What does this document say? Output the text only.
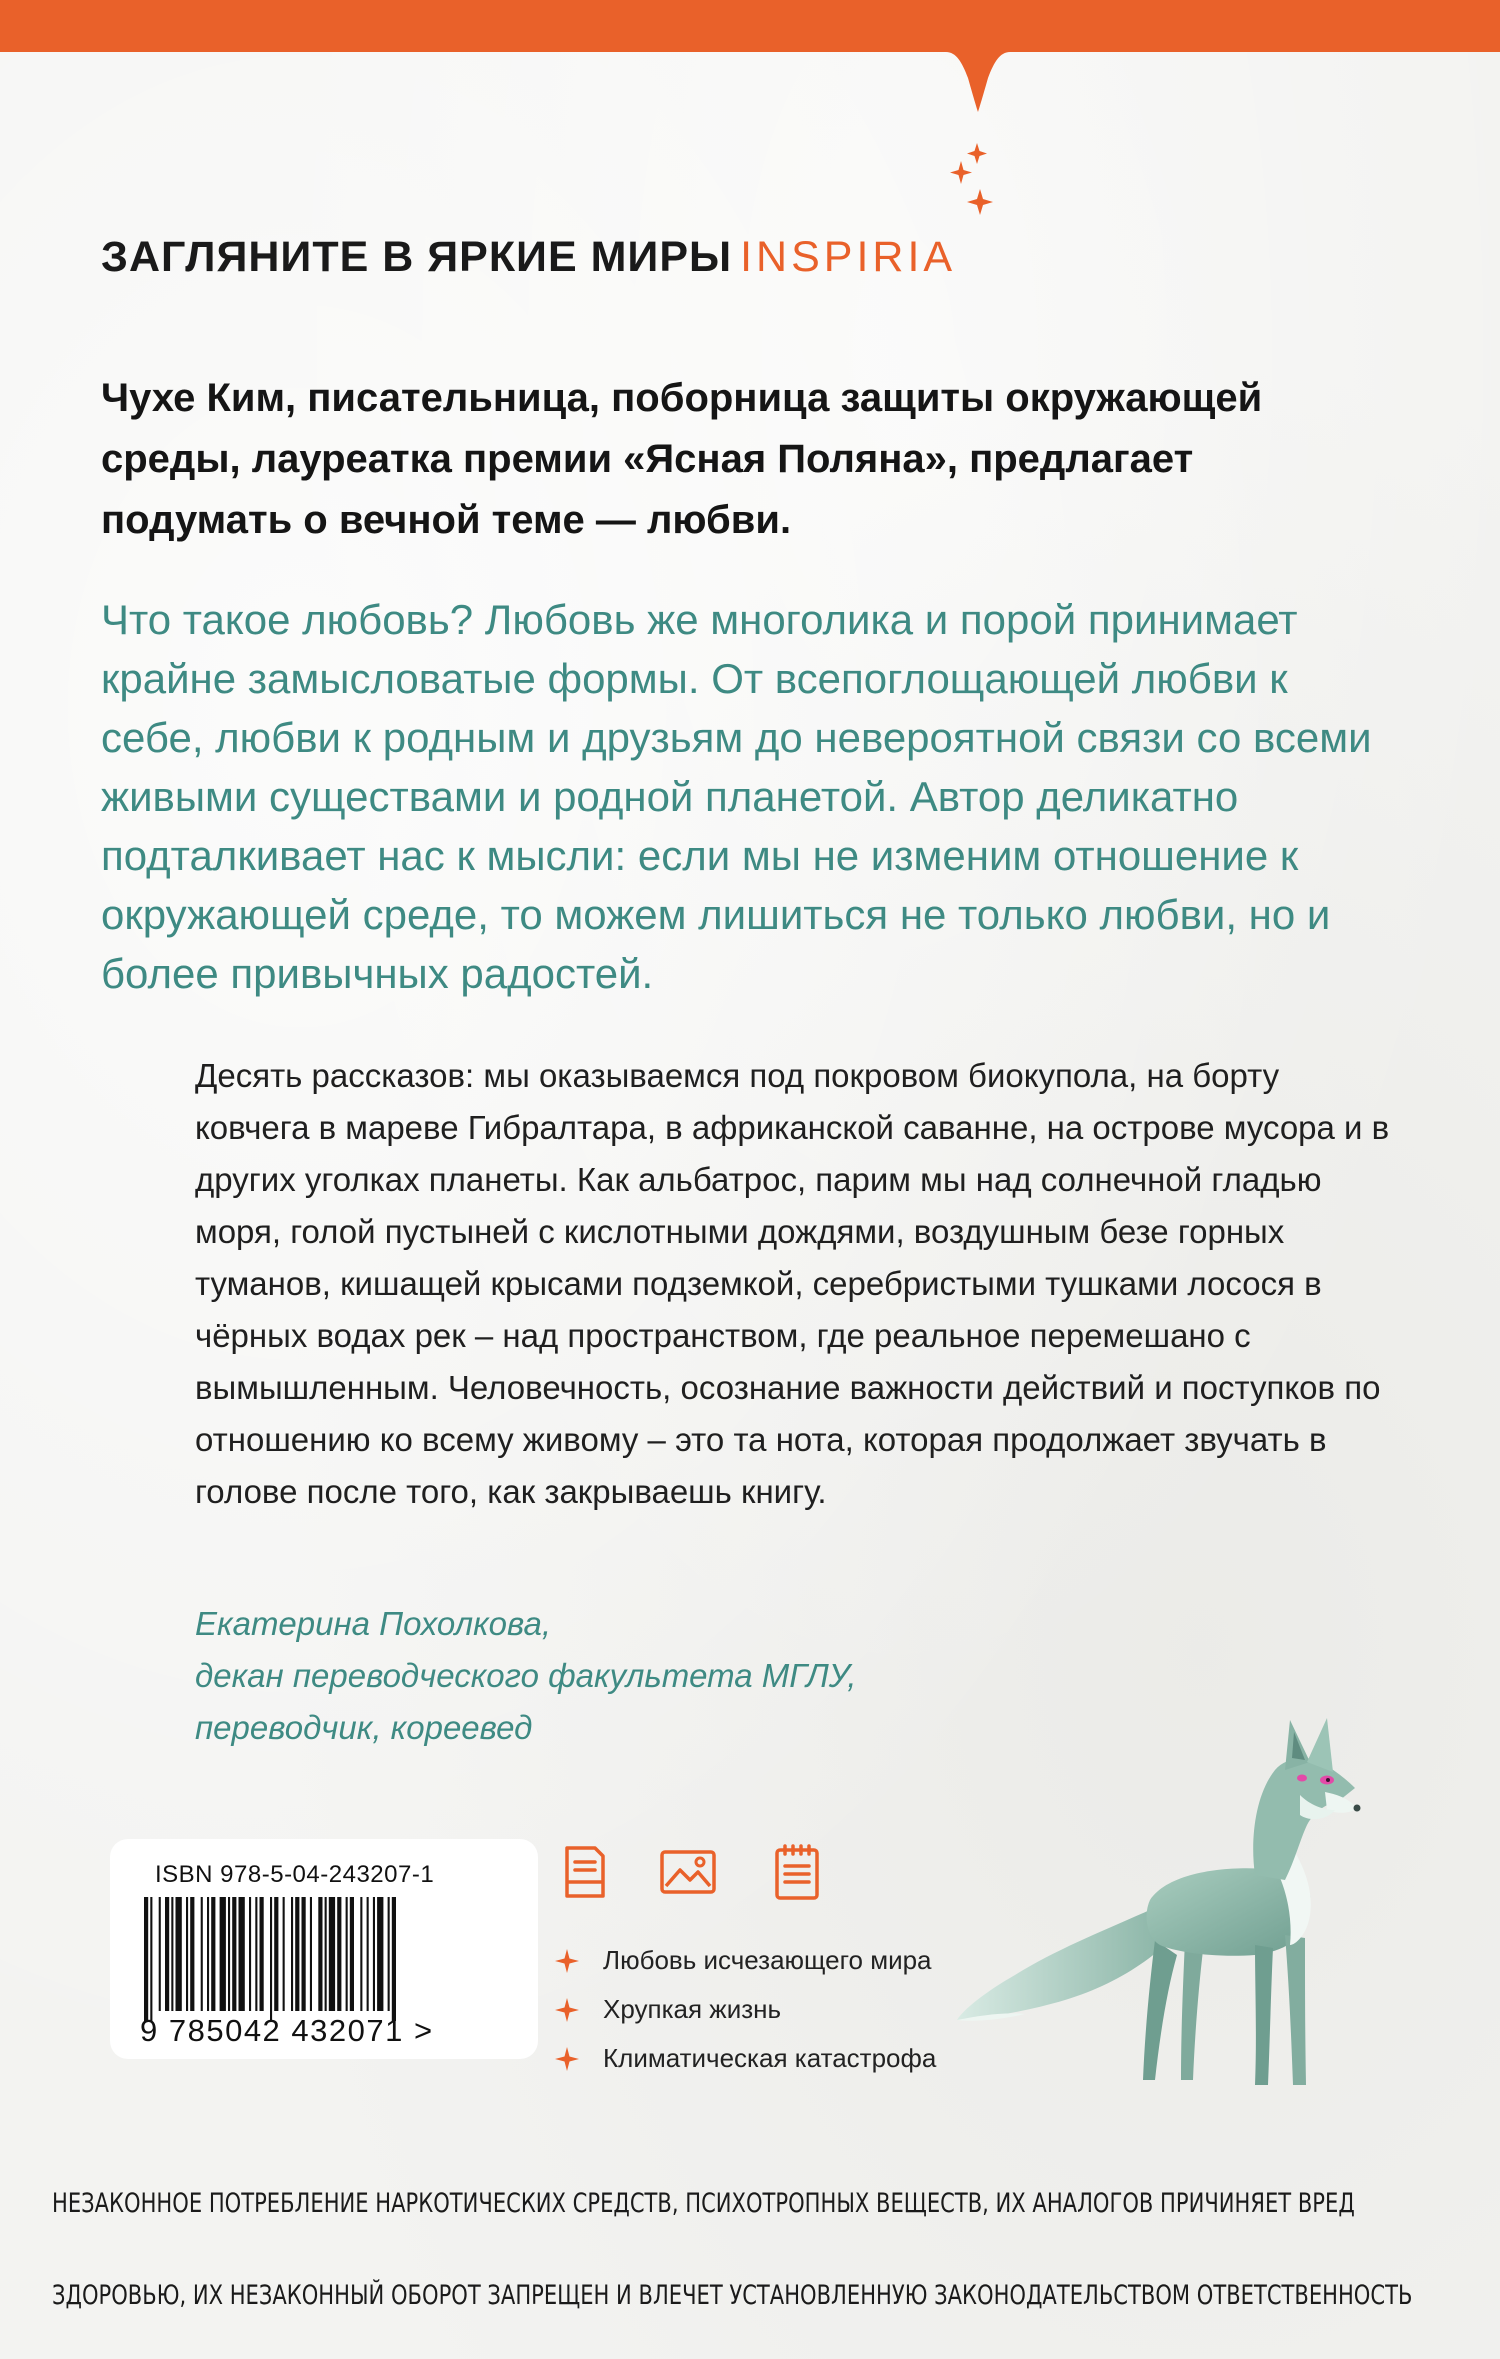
ЗАГЛЯНИТЕ В ЯРКИЕ МИРЫ INSPIRIA

Чухе Ким, писательница, поборница защиты окружающей среды, лауреатка премии «Ясная Поляна», предлагает подумать о вечной теме — любви.

Что такое любовь? Любовь же многолика и порой принимает крайне замысловатые формы. От всепоглощающей любви к себе, любви к родным и друзьям до невероятной связи со всеми живыми существами и родной планетой. Автор деликатно подталкивает нас к мысли: если мы не изменим отношение к окружающей среде, то можем лишиться не только любви, но и более привычных радостей.

Десять рассказов: мы оказываемся под покровом биокупола, на борту ковчега в мареве Гибралтара, в африканской саванне, на острове мусора и в других уголках планеты. Как альбатрос, парим мы над солнечной гладью моря, голой пустыней с кислотными дождями, воздушным безе горных туманов, кишащей крысами подземкой, серебристыми тушками лосося в чёрных водах рек – над пространством, где реальное перемешано с вымышленным. Человечность, осознание важности действий и поступков по отношению ко всему живому – это та нота, которая продолжает звучать в голове после того, как закрываешь книгу.

Екатерина Похолкова,
декан переводческого факультета МГЛУ,
переводчик, кореевед
ISBN 978-5-04-243207-1
9 785042 432071 >
Любовь исчезающего мира
Хрупкая жизнь
Климатическая катастрофа
НЕЗАКОННОЕ ПОТРЕБЛЕНИЕ НАРКОТИЧЕСКИХ СРЕДСТВ, ПСИХОТРОПНЫХ ВЕЩЕСТВ, ИХ АНАЛОГОВ ПРИЧИНЯЕТ ВРЕД
ЗДОРОВЬЮ, ИХ НЕЗАКОННЫЙ ОБОРОТ ЗАПРЕЩЕН И ВЛЕЧЕТ УСТАНОВЛЕННУЮ ЗАКОНОДАТЕЛЬСТВОМ ОТВЕТСТВЕННОСТЬ
